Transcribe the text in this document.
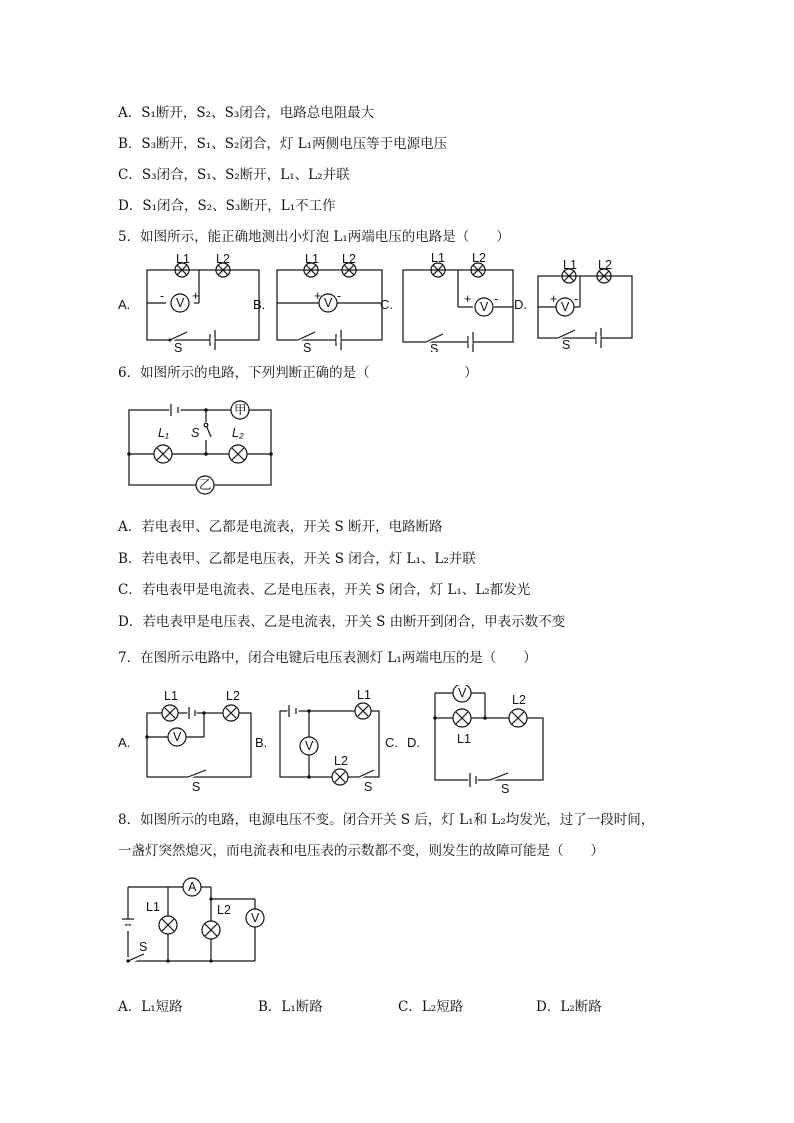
A．S₁断开，S₂、S₃闭合，电路总电阻最大
B．S₃断开，S₁、S₂闭合，灯 L₁两侧电压等于电源电压
C．S₃闭合，S₁、S₂断开，L₁、L₂并联
D．S₁闭合，S₂、S₃断开，L₁不工作
5．如图所示，能正确地测出小灯泡 L₁两端电压的电路是（　　）
A.	V
- +
L1 L2
S
B.	V
+ -
L1 L2
S
C.	V
+ -
L1 L2
S
D.	V
+ -
L1 L2
S
6．如图所示的电路，下列判断正确的是（　　　　　　　）
S
甲
L₁	L₂
乙
A．若电表甲、乙都是电流表，开关 S 断开，电路断路
B．若电表甲、乙都是电压表，开关 S 闭合，灯 L₁、L₂并联
C．若电表甲是电流表、乙是电压表，开关 S 闭合，灯 L₁、L₂都发光
D．若电表甲是电压表、乙是电流表，开关 S 由断开到闭合，甲表示数不变
7．在图所示电路中，闭合电键后电压表测灯 L₁两端电压的是（　　）
A.	V
L1	L2
S
B.	V
L1
L2
S
C. D.
V
L1
L2
S
8．如图所示的电路，电源电压不变。闭合开关 S 后，灯 L₁和 L₂均发光，过了一段时间，
一盏灯突然熄灭，而电流表和电压表的示数都不变，则发生的故障可能是（　　）
S
A
L1	L2
V
A．L₁短路	B．L₁断路	C．L₂短路	D．L₂断路
